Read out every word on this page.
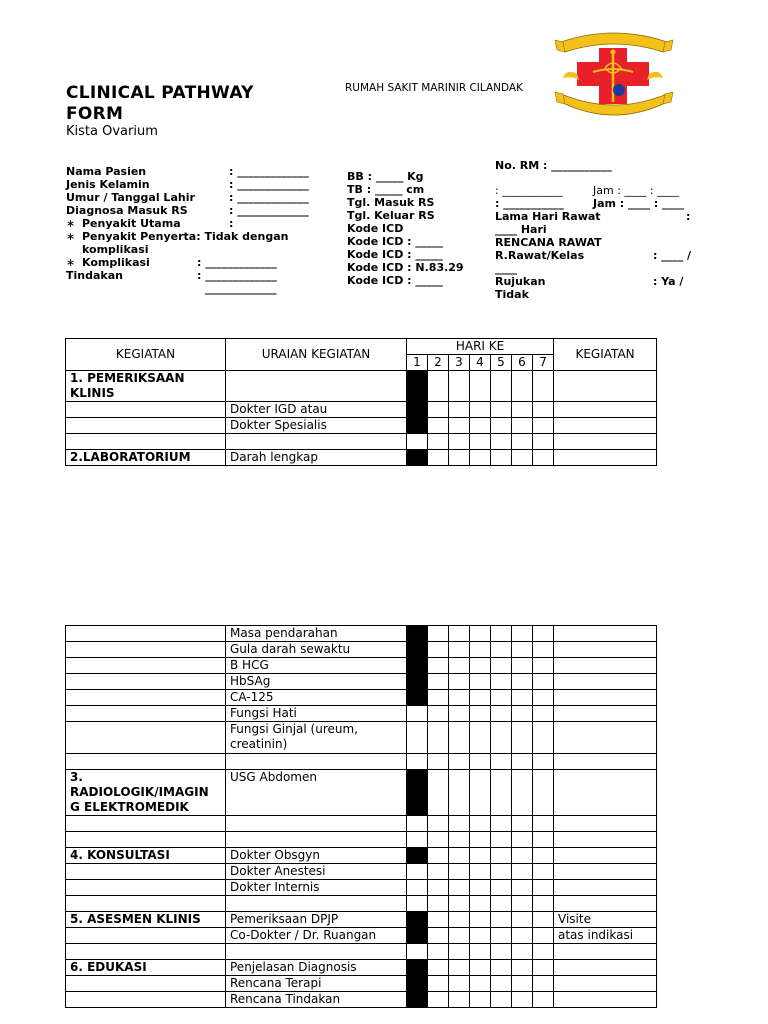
CLINICAL PATHWAY
FORM
Kista Ovarium
RUMAH SAKIT MARINIR CILANDAK
Nama Pasien	: _____________
Jenis Kelamin	: _____________
Umur / Tanggal Lahir	: _____________
Diagnosa Masuk RS	: _____________
∗ Penyakit Utama	:
∗ Penyakit Penyerta: Tidak dengan
komplikasi
∗ Komplikasi	: _____________
Tindakan	: _____________
_____________
BB : _____ Kg
TB : _____ cm
Tgl. Masuk RS
Tgl. Keluar RS
Kode ICD
Kode ICD : _____
Kode ICD : _____
Kode ICD : N.83.29
Kode ICD : _____
No. RM : ___________
: ___________	Jam : ____ : ____
: ___________	Jam : ____ : ____
Lama Hari Rawat	:
____ Hari
RENCANA RAWAT
R.Rawat/Kelas	: ____ /
____
Rujukan	: Ya /
Tidak
KEGIATAN	URAIAN KEGIATAN	HARI KE							KEGIATAN
		1	2	3	4	5	6	7	
1. PEMERIKSAAN KLINIS									
	Dokter IGD atau								
	Dokter Spesialis								

2.LABORATORIUM	Darah lengkap								
	Masa pendarahan								
	Gula darah sewaktu								
	B HCG								
	HbSAg								
	CA-125								
	Fungsi Hati								
	Fungsi Ginjal (ureum, creatinin)								

3. RADIOLOGIK/IMAGIN G ELEKTROMEDIK	USG Abdomen								

4. KONSULTASI	Dokter Obsgyn								
	Dokter Anestesi								
	Dokter Internis								

5. ASESMEN KLINIS	Pemeriksaan DPJP								Visite
	Co-Dokter / Dr. Ruangan								atas indikasi

6. EDUKASI	Penjelasan Diagnosis								
	Rencana Terapi								
	Rencana Tindakan								
